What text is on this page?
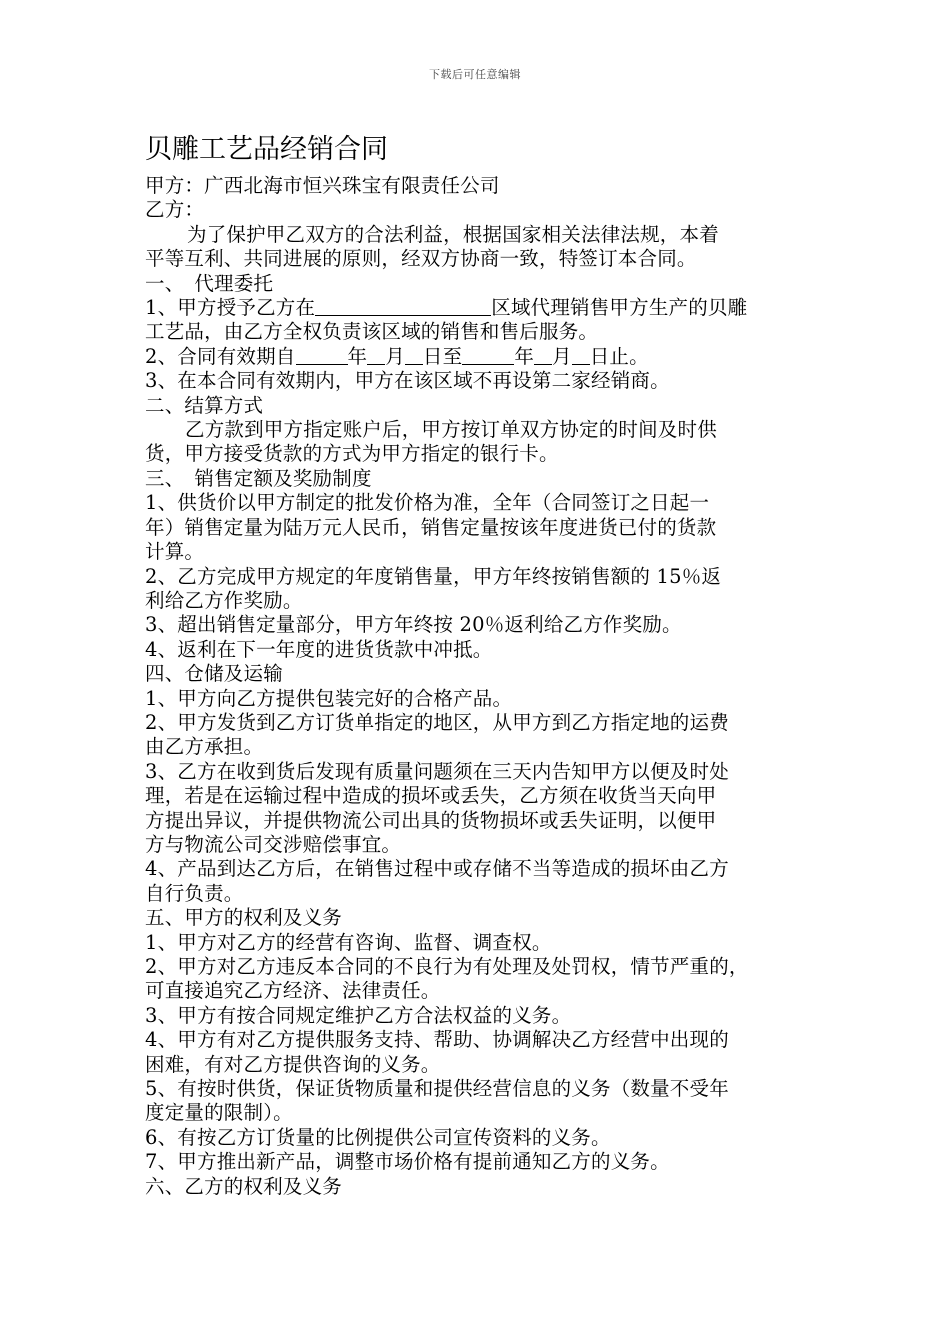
下载后可任意编辑
贝雕工艺品经销合同
甲方：广西北海市恒兴珠宝有限责任公司
乙方：
为了保护甲乙双方的合法利益，根据国家相关法律法规，本着
平等互利、共同进展的原则，经双方协商一致，特签订本合同。
一、　代理委托
1、甲方授予乙方在	区域代理销售甲方生产的贝雕
工艺品，由乙方全权负责该区域的销售和售后服务。
2、合同有效期自	年 月 日至	年 月 日止。
3、在本合同有效期内，甲方在该区域不再设第二家经销商。
二、结算方式
乙方款到甲方指定账户后，甲方按订单双方协定的时间及时供
货，甲方接受货款的方式为甲方指定的银行卡。
三、　销售定额及奖励制度
1、供货价以甲方制定的批发价格为准，全年（合同签订之日起一
年）销售定量为陆万元人民币，销售定量按该年度进货已付的货款
计算。
2、乙方完成甲方规定的年度销售量，甲方年终按销售额的 15％返
利给乙方作奖励。
3、超出销售定量部分，甲方年终按 20％返利给乙方作奖励。
4、返利在下一年度的进货货款中冲抵。
四、仓储及运输
1、甲方向乙方提供包装完好的合格产品。
2、甲方发货到乙方订货单指定的地区，从甲方到乙方指定地的运费
由乙方承担。
3、乙方在收到货后发现有质量问题须在三天内告知甲方以便及时处
理，若是在运输过程中造成的损坏或丢失，乙方须在收货当天向甲
方提出异议，并提供物流公司出具的货物损坏或丢失证明，以便甲
方与物流公司交涉赔偿事宜。
4、产品到达乙方后，在销售过程中或存储不当等造成的损坏由乙方
自行负责。
五、甲方的权利及义务
1、甲方对乙方的经营有咨询、监督、调查权。
2、甲方对乙方违反本合同的不良行为有处理及处罚权，情节严重的，
可直接追究乙方经济、法律责任。
3、甲方有按合同规定维护乙方合法权益的义务。
4、甲方有对乙方提供服务支持、帮助、协调解决乙方经营中出现的
困难，有对乙方提供咨询的义务。
5、有按时供货，保证货物质量和提供经营信息的义务（数量不受年
度定量的限制）。
6、有按乙方订货量的比例提供公司宣传资料的义务。
7、甲方推出新产品，调整市场价格有提前通知乙方的义务。
六、乙方的权利及义务
